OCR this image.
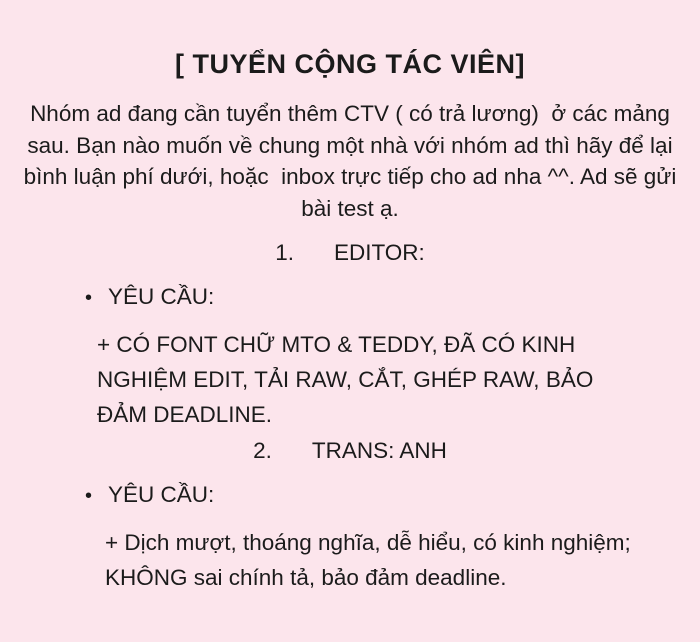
[ TUYỂN CỘNG TÁC VIÊN]

Nhóm ad đang cần tuyển thêm CTV ( có trả lương)  ở các mảng sau. Bạn nào muốn về chung một nhà với nhóm ad thì hãy để lại bình luận phí dưới, hoặc  inbox trực tiếp cho ad nha ^^. Ad sẽ gửi bài test ạ.

1. EDITOR:
• YÊU CẦU:

+ CÓ FONT CHỮ MTO & TEDDY, ĐÃ CÓ KINH NGHIỆM EDIT, TẢI RAW, CẮT, GHÉP RAW, BẢO ĐẢM DEADLINE.

2. TRANS: ANH
• YÊU CẦU:

+ Dịch mượt, thoáng nghĩa, dễ hiểu, có kinh nghiệm; KHÔNG sai chính tả, bảo đảm deadline.
